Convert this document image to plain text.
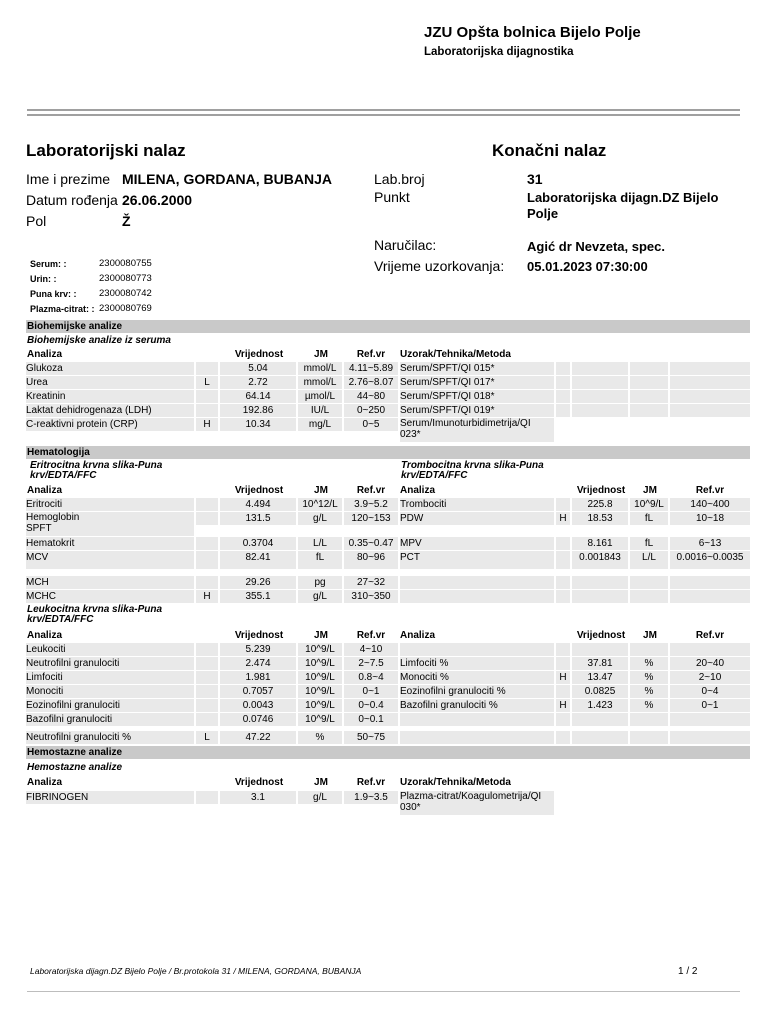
JZU Opšta bolnica Bijelo Polje
Laboratorijska dijagnostika
Laboratorijski nalaz	Konačni nalaz
Ime i prezime MILENA, GORDANA, BUBANJA
Datum rođenja 26.06.2000
Pol	Ž
Lab.broj	31
Punkt	Laboratorijska dijagn.DZ Bijelo
Polje
Naručilac:	Agić dr Nevzeta, spec.
Vrijeme uzorkovanja: 05.01.2023 07:30:00
Serum: :	2300080755
Urin: :	2300080773
Puna krv: : 2300080742
Plazma-citrat: : 2300080769
Biohemijske analize
Biohemijske analize iz seruma
Analiza	Vrijednost	JM	Ref.vr	Uzorak/Tehnika/Metoda
Glukoza	5.04	mmol/L	4.11~5.89 Serum/SPFT/QI 015*
Urea	L	2.72	mmol/L	2.76~8.07 Serum/SPFT/QI 017*
Kreatinin	64.14	µmol/L	44~80	Serum/SPFT/QI 018*
Laktat dehidrogenaza (LDH)	192.86	IU/L	0~250	Serum/SPFT/QI 019*
C-reaktivni protein (CRP)	H	10.34	mg/L	0~5	Serum/Imunoturbidimetrija/QI
023*
Hematologija
Eritrocitna krvna slika-Puna
krv/EDTA/FFC
Trombocitna krvna slika-Puna
krv/EDTA/FFC
Analiza	Vrijednost	JM	Ref.vr	Analiza	Vrijednost	JM	Ref.vr
Eritrociti	4.494	10^12/L	3.9~5.2	Trombociti	225.8	10^9/L	140~400
Hemoglobin
SPFT
131.5	g/L	120~153 PDW	H	18.53	fL	10~18
Hematokrit	0.3704	L/L	0.35~0.47 MPV	8.161	fL	6~13
MCV	82.41	fL	80~96	PCT	0.001843	L/L	0.0016~0.0035
MCH	29.26	pg	27~32
MCHC	H	355.1	g/L	310~350
Leukocitna krvna slika-Puna
krv/EDTA/FFC
Analiza	Vrijednost	JM	Ref.vr	Analiza	Vrijednost	JM	Ref.vr
Leukociti	5.239	10^9/L	4~10
Neutrofilni granulociti	2.474	10^9/L	2~7.5	Limfociti %	37.81	%	20~40
Limfociti	1.981	10^9/L	0.8~4	Monociti %	H	13.47	%	2~10
Monociti	0.7057	10^9/L	0~1	Eozinofilni granulociti %	0.0825	%	0~4
Eozinofilni granulociti	0.0043	10^9/L	0~0.4	Bazofilni granulociti %	H	1.423	%	0~1
Bazofilni granulociti	0.0746	10^9/L	0~0.1
Neutrofilni granulociti %	L	47.22	%	50~75
Hemostazne analize
Hemostazne analize
Analiza	Vrijednost	JM	Ref.vr	Uzorak/Tehnika/Metoda
FIBRINOGEN	3.1	g/L	1.9~3.5	Plazma-citrat/Koagulometrija/QI
030*
Laboratorijska dijagn.DZ Bijelo Polje / Br.protokola 31 / MILENA, GORDANA, BUBANJA	1 / 2
